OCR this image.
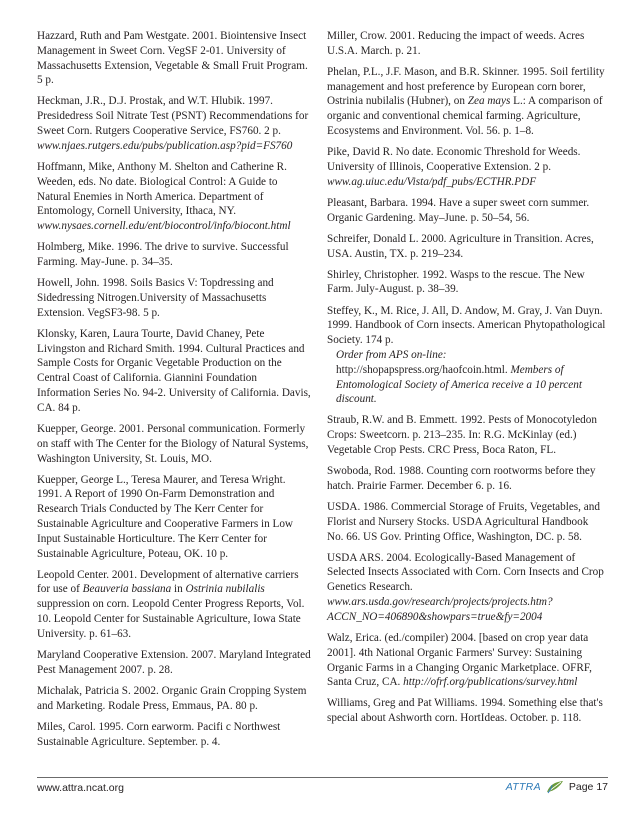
Hazzard, Ruth and Pam Westgate. 2001. Biointensive Insect Management in Sweet Corn. VegSF 2-01. University of Massachusetts Extension, Vegetable & Small Fruit Program. 5 p.

Heckman, J.R., D.J. Prostak, and W.T. Hlubik. 1997. Presidedress Soil Nitrate Test (PSNT) Recommendations for Sweet Corn. Rutgers Cooperative Service, FS760. 2 p. www.njaes.rutgers.edu/pubs/publication.asp?pid=FS760

Hoffmann, Mike, Anthony M. Shelton and Catherine R. Weeden, eds. No date. Biological Control: A Guide to Natural Enemies in North America. Department of Entomology, Cornell University, Ithaca, NY. www.nysaes.cornell.edu/ent/biocontrol/info/biocont.html

Holmberg, Mike. 1996. The drive to survive. Successful Farming. May-June. p. 34–35.

Howell, John. 1998. Soils Basics V: Topdressing and Sidedressing Nitrogen.University of Massachusetts Extension. VegSF3-98. 5 p.

Klonsky, Karen, Laura Tourte, David Chaney, Pete Livingston and Richard Smith. 1994. Cultural Practices and Sample Costs for Organic Vegetable Production on the Central Coast of California. Giannini Foundation Information Series No. 94-2. University of California. Davis, CA. 84 p.

Kuepper, George. 2001. Personal communication. Formerly on staff with The Center for the Biology of Natural Systems, Washington University, St. Louis, MO.

Kuepper, George L., Teresa Maurer, and Teresa Wright. 1991. A Report of 1990 On-Farm Demonstration and Research Trials Conducted by The Kerr Center for Sustainable Agriculture and Cooperative Farmers in Low Input Sustainable Horticulture. The Kerr Center for Sustainable Agriculture, Poteau, OK. 10 p.

Leopold Center. 2001. Development of alternative carriers for use of Beauveria bassiana in Ostrinia nubilalis suppression on corn. Leopold Center Progress Reports, Vol. 10. Leopold Center for Sustainable Agriculture, Iowa State University. p. 61–63.

Maryland Cooperative Extension. 2007. Maryland Integrated Pest Management 2007. p. 28.

Michalak, Patricia S. 2002. Organic Grain Cropping System and Marketing. Rodale Press, Emmaus, PA. 80 p.

Miles, Carol. 1995. Corn earworm. Pacifi c Northwest Sustainable Agriculture. September. p. 4.

Miller, Crow. 2001. Reducing the impact of weeds. Acres U.S.A. March. p. 21.

Phelan, P.L., J.F. Mason, and B.R. Skinner. 1995. Soil fertility management and host preference by European corn borer, Ostrinia nubilalis (Hubner), on Zea mays L.: A comparison of organic and conventional chemical farming. Agriculture, Ecosystems and Environment. Vol. 56. p. 1–8.

Pike, David R. No date. Economic Threshold for Weeds. University of Illinois, Cooperative Extension. 2 p. www.ag.uiuc.edu/Vista/pdf_pubs/ECTHR.PDF

Pleasant, Barbara. 1994. Have a super sweet corn summer. Organic Gardening. May–June. p. 50–54, 56.

Schreifer, Donald L. 2000. Agriculture in Transition. Acres, USA. Austin, TX. p. 219–234.

Shirley, Christopher. 1992. Wasps to the rescue. The New Farm. July-August. p. 38–39.

Steffey, K., M. Rice, J. All, D. Andow, M. Gray, J. Van Duyn. 1999. Handbook of Corn insects. American Phytopathological Society. 174 p.
Order from APS on-line: http://shopapspress.org/haofcoin.html. Members of Entomological Society of America receive a 10 percent discount.

Straub, R.W. and B. Emmett. 1992. Pests of Monocotyledon Crops: Sweetcorn. p. 213–235. In: R.G. McKinlay (ed.) Vegetable Crop Pests. CRC Press, Boca Raton, FL.

Swoboda, Rod. 1988. Counting corn rootworms before they hatch. Prairie Farmer. December 6. p. 16.

USDA. 1986. Commercial Storage of Fruits, Vegetables, and Florist and Nursery Stocks. USDA Agricultural Handbook No. 66. US Gov. Printing Office, Washington, DC. p. 58.

USDA ARS. 2004. Ecologically-Based Management of Selected Insects Associated with Corn. Corn Insects and Crop Genetics Research. www.ars.usda.gov/research/projects/projects.htm?ACCN_NO=406890&showpars=true&fy=2004

Walz, Erica. (ed./compiler) 2004. [based on crop year data 2001]. 4th National Organic Farmers' Survey: Sustaining Organic Farms in a Changing Organic Marketplace. OFRF, Santa Cruz, CA. http://ofrf.org/publications/survey.html

Williams, Greg and Pat Williams. 1994. Something else that's special about Ashworth corn. HortIdeas. October. p. 118.

www.attra.ncat.org	ATTRA	Page 17
